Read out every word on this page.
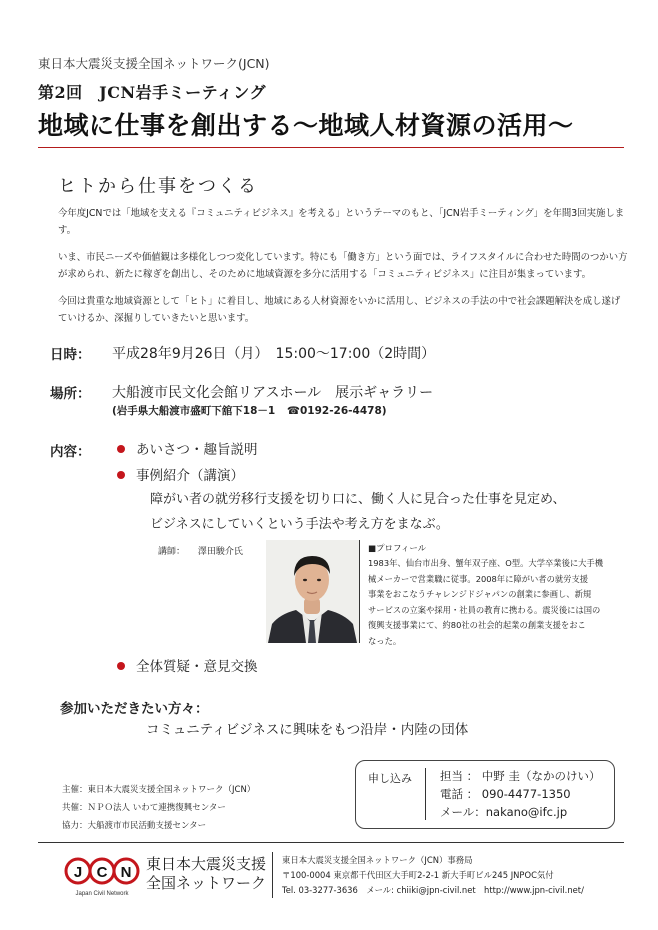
東日本大震災支援全国ネットワーク(JCN)
第2回　JCN岩手ミーティング
地域に仕事を創出する～地域人材資源の活用～
ヒトから仕事をつくる

今年度JCNでは「地域を支える『コミュニティビジネス』を考える」というテーマのもと、「JCN岩手ミーティング」を年間3回実施します。

いま、市民ニーズや価値観は多様化しつつ変化しています。特にも「働き方」という面では、ライフスタイルに合わせた時間のつかい方が求められ、新たに稼ぎを創出し、そのために地域資源を多分に活用する「コミュニティビジネス」に注目が集まっています。

今回は貴重な地域資源として「ヒト」に着目し、地域にある人材資源をいかに活用し、ビジネスの手法の中で社会課題解決を成し遂げていけるか、深掘りしていきたいと思います。

日時： 平成28年9月26日（月）　15:00～17:00（2時間）
場所： 大船渡市民文化会館リアスホール　展示ギャラリー
(岩手県大船渡市盛町下舘下18－1 ☎0192-26-4478)
内容：	あいさつ・趣旨説明
事例紹介（講演）
障がい者の就労移行支援を切り口に、働く人に見合った仕事を見定め、
ビジネスにしていくという手法や考え方をまなぶ。
講師： 澤田駿介氏	■プロフィール
1983年、仙台市出身、蟹年双子座、O型。大学卒業後に大手機
械メーカーで営業職に従事。2008年に障がい者の就労支援
事業をおこなうチャレンジドジャパンの創業に参画し、新規
サービスの立案や採用・社員の教育に携わる。震災後には国の
復興支援事業にて、約80社の社会的起業の創業支援をおこ
なった。
全体質疑・意見交換
参加いただきたい方々：
コミュニティビジネスに興味をもつ沿岸・内陸の団体
主催：東日本大震災支援全国ネットワーク（JCN）
共催：ＮＰＯ法人 いわて連携復興センター
協力：大船渡市市民活動支援センター
申し込み 担当 ： 中野 圭（なかのけい）
電話 ： 090-4477-1350
メール：nakano@ifc.jp
J C N
Japan Civil Network
東日本大震災支援
全国ネットワーク
東日本大震災支援全国ネットワーク（JCN）事務局
〒100-0004 東京都千代田区大手町2-2-1 新大手町ビル245 JNPOC気付
Tel. 03-3277-3636　メール: chiiki@jpn-civil.net　http://www.jpn-civil.net/
